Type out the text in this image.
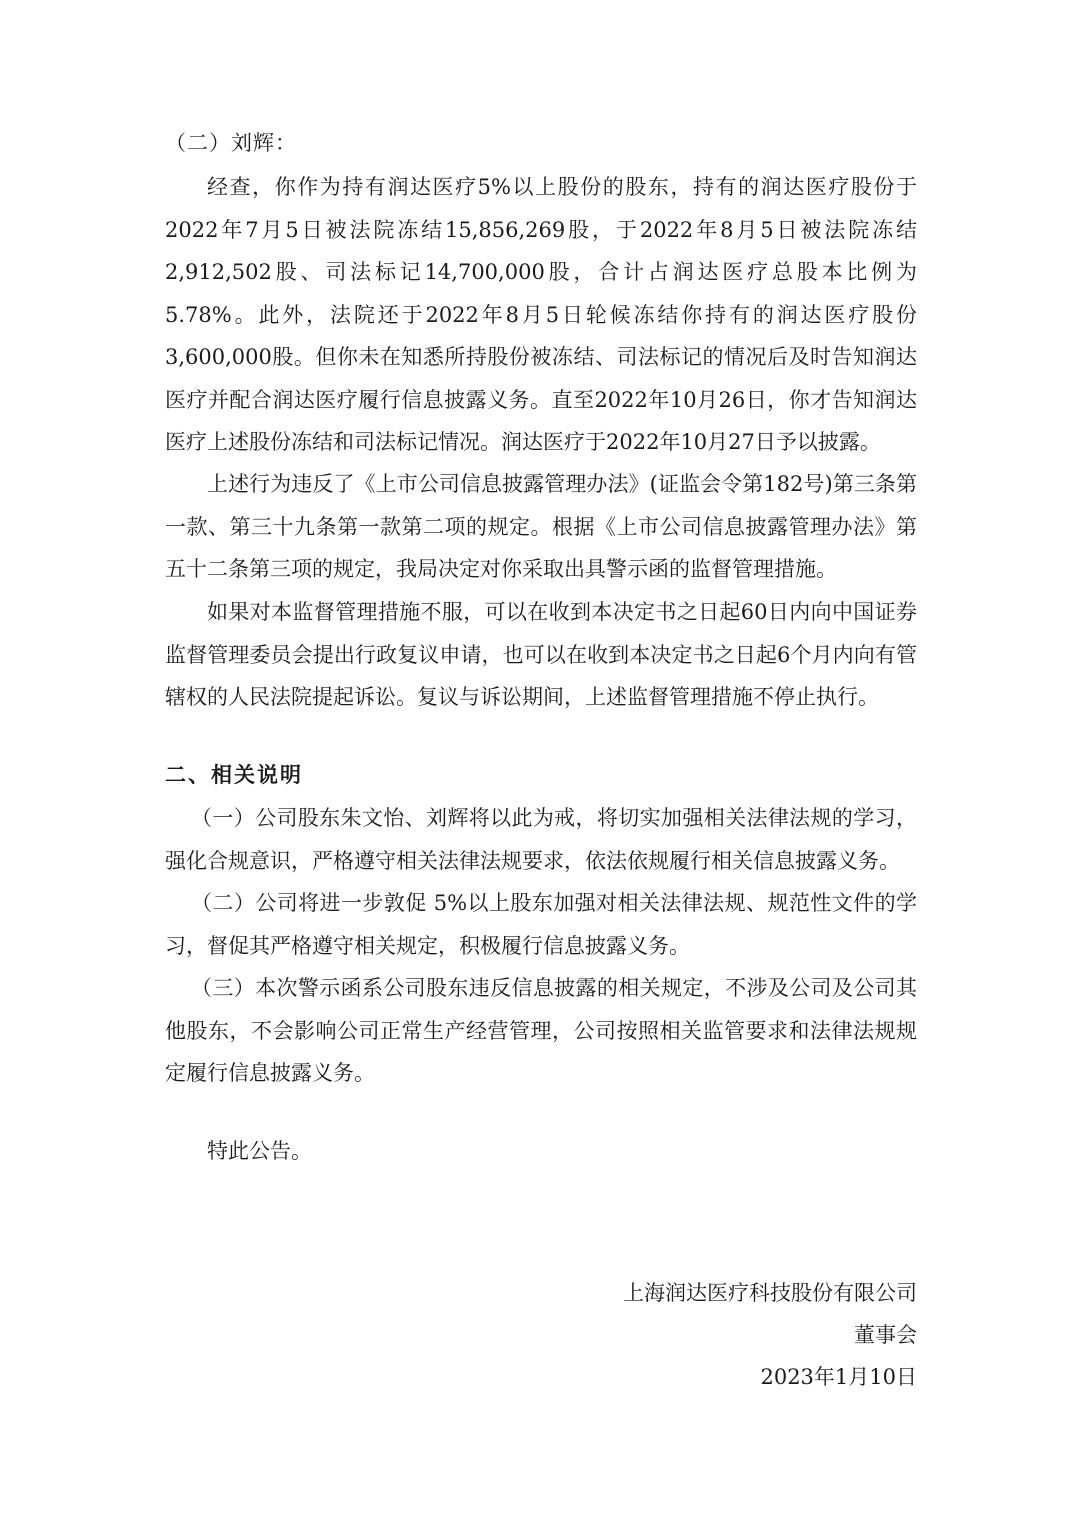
（二）刘辉：

经查，你作为持有润达医疗5%以上股份的股东，持有的润达医疗股份于2022年7月5日被法院冻结15,856,269股，于2022年8月5日被法院冻结2,912,502股、司法标记14,700,000股，合计占润达医疗总股本比例为5.78%。此外，法院还于2022年8月5日轮候冻结你持有的润达医疗股份3,600,000股。但你未在知悉所持股份被冻结、司法标记的情况后及时告知润达医疗并配合润达医疗履行信息披露义务。直至2022年10月26日，你才告知润达医疗上述股份冻结和司法标记情况。润达医疗于2022年10月27日予以披露。

上述行为违反了《上市公司信息披露管理办法》(证监会令第182号)第三条第一款、第三十九条第一款第二项的规定。根据《上市公司信息披露管理办法》第五十二条第三项的规定，我局决定对你采取出具警示函的监督管理措施。

如果对本监督管理措施不服，可以在收到本决定书之日起60日内向中国证券监督管理委员会提出行政复议申请，也可以在收到本决定书之日起6个月内向有管辖权的人民法院提起诉讼。复议与诉讼期间，上述监督管理措施不停止执行。

二、相关说明

（一）公司股东朱文怡、刘辉将以此为戒，将切实加强相关法律法规的学习，强化合规意识，严格遵守相关法律法规要求，依法依规履行相关信息披露义务。

（二）公司将进一步敦促 5%以上股东加强对相关法律法规、规范性文件的学习，督促其严格遵守相关规定，积极履行信息披露义务。

（三）本次警示函系公司股东违反信息披露的相关规定，不涉及公司及公司其他股东，不会影响公司正常生产经营管理，公司按照相关监管要求和法律法规规定履行信息披露义务。

特此公告。
上海润达医疗科技股份有限公司
董事会
2023年1月10日
